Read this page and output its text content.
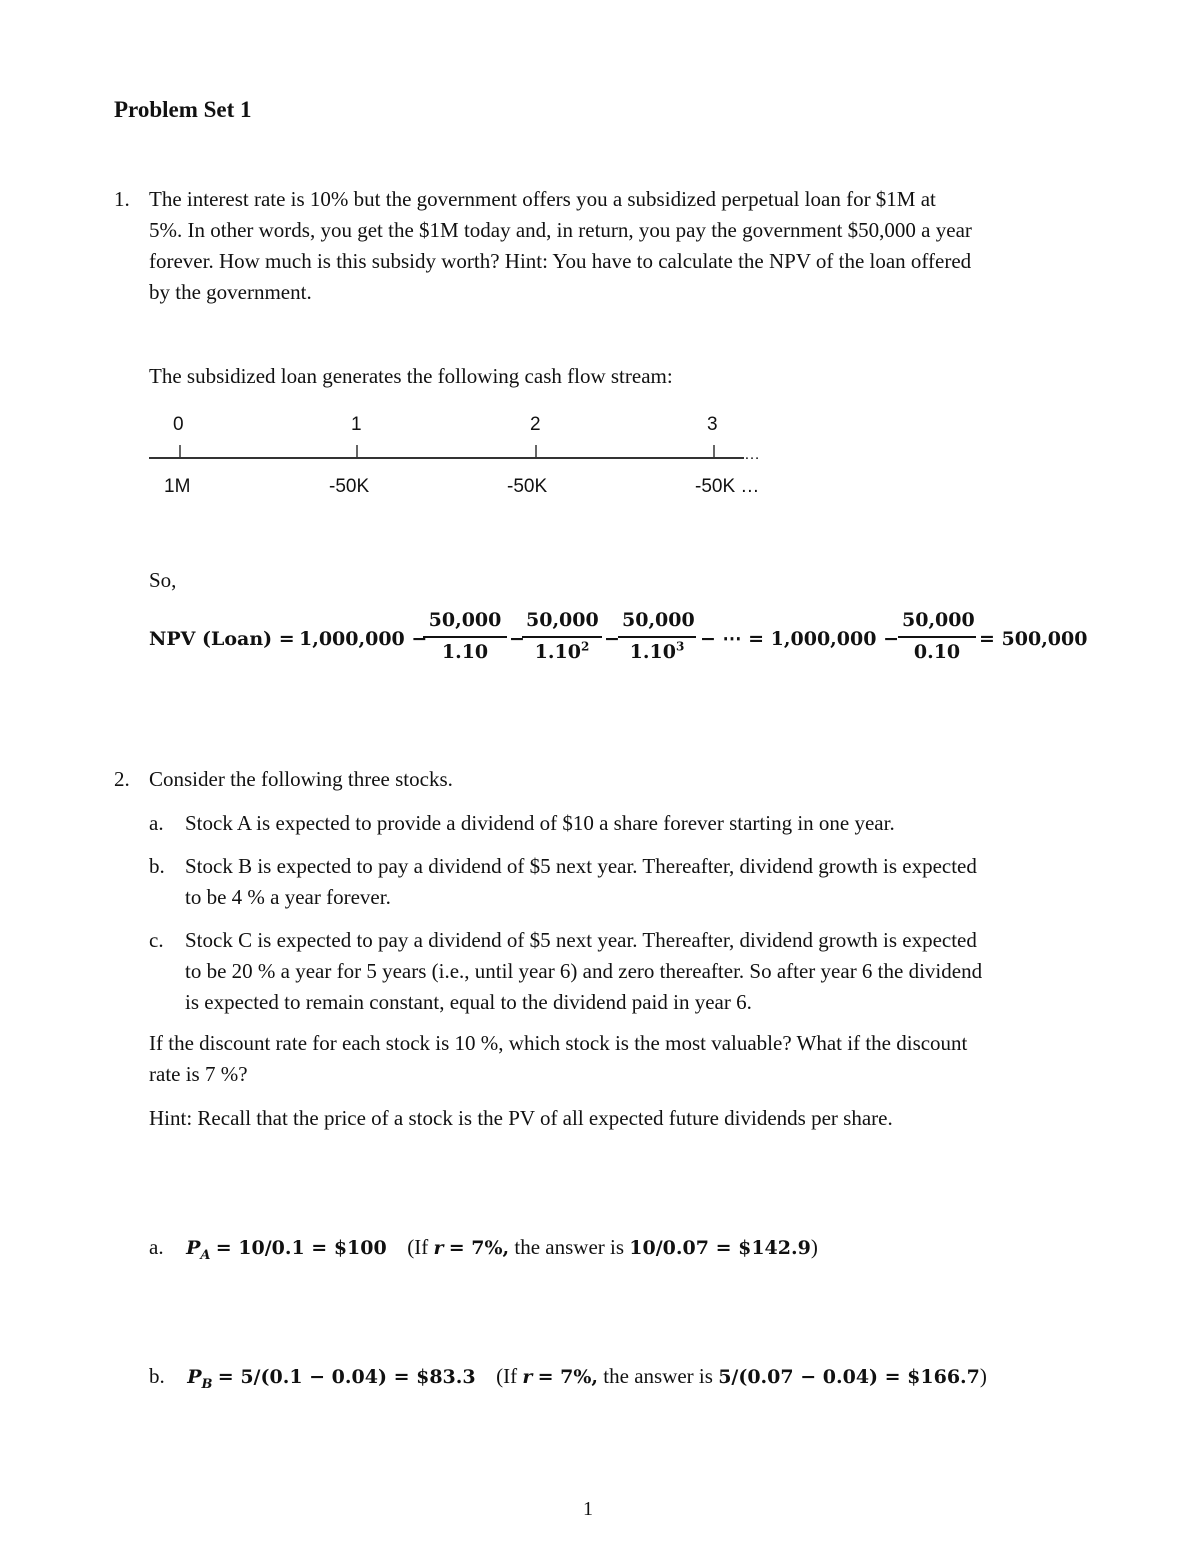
Problem Set 1
1. The interest rate is 10% but the government offers you a subsidized perpetual loan for $1M at
5%. In other words, you get the $1M today and, in return, you pay the government $50,000 a year
forever. How much is this subsidy worth? Hint: You have to calculate the NPV of the loan offered
by the government.
The subsidized loan generates the following cash flow stream:
0	1	2	3
…
1M	-50K	-50K	-50K …
So,
NPV (Loan) = 1,000,000 −
$\frac{50,000}{1.10}$ −
$\frac{50,000}{1.10^2}$ −
$\frac{50,000}{1.10^3}$ − ⋯ = $1,000,000 - \frac{50,000}{0.10} = 500,000$
2. Consider the following three stocks.
a. Stock A is expected to provide a dividend of $10 a share forever starting in one year.
b. Stock B is expected to pay a dividend of $5 next year. Thereafter, dividend growth is expected
to be 4 % a year forever.
c. Stock C is expected to pay a dividend of $5 next year. Thereafter, dividend growth is expected
to be 20 % a year for 5 years (i.e., until year 6) and zero thereafter. So after year 6 the dividend
is expected to remain constant, equal to the dividend paid in year 6.
If the discount rate for each stock is 10 %, which stock is the most valuable? What if the discount
rate is 7 %?
Hint: Recall that the price of a stock is the PV of all expected future dividends per share.
a. $P_A = 10/0.1$ = $100 (If r = 7%, the answer is 10/0.07 = $142.9)
b. $P_B = 5/(0.1 - 0.04)$ = $83.3 (If r = 7%, the answer is 5/(0.07 − 0.04) = $166.7)
1
